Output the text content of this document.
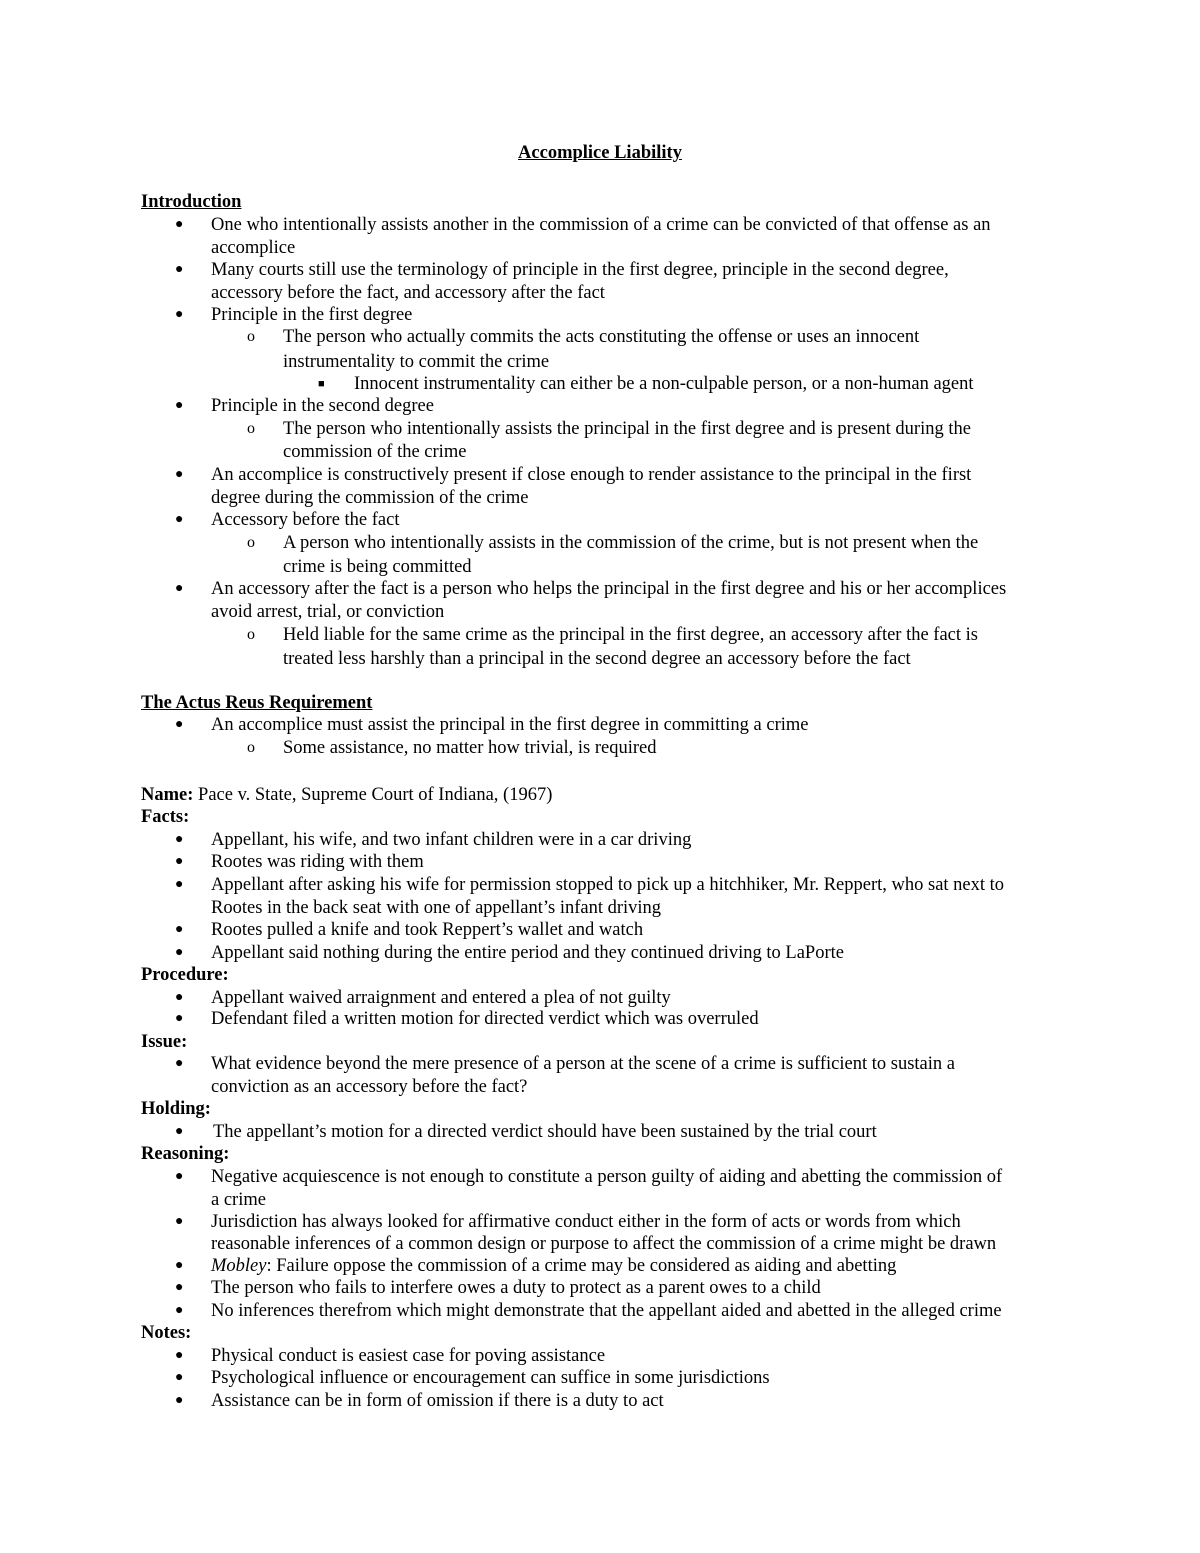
Accomplice Liability
Introduction
● One who intentionally assists another in the commission of a crime can be convicted of that offense as an
accomplice
● Many courts still use the terminology of principle in the first degree, principle in the second degree,
accessory before the fact, and accessory after the fact
● Principle in the first degree
o The person who actually commits the acts constituting the offense or uses an innocent
instrumentality to commit the crime
■ Innocent instrumentality can either be a non-culpable person, or a non-human agent
● Principle in the second degree
o The person who intentionally assists the principal in the first degree and is present during the
commission of the crime
● An accomplice is constructively present if close enough to render assistance to the principal in the first
degree during the commission of the crime
● Accessory before the fact
o A person who intentionally assists in the commission of the crime, but is not present when the
crime is being committed
● An accessory after the fact is a person who helps the principal in the first degree and his or her accomplices
avoid arrest, trial, or conviction
o Held liable for the same crime as the principal in the first degree, an accessory after the fact is
treated less harshly than a principal in the second degree an accessory before the fact
The Actus Reus Requirement
● An accomplice must assist the principal in the first degree in committing a crime
o Some assistance, no matter how trivial, is required
Name: Pace v. State, Supreme Court of Indiana, (1967)
Facts:
● Appellant, his wife, and two infant children were in a car driving
● Rootes was riding with them
● Appellant after asking his wife for permission stopped to pick up a hitchhiker, Mr. Reppert, who sat next to
Rootes in the back seat with one of appellant’s infant driving
● Rootes pulled a knife and took Reppert’s wallet and watch
● Appellant said nothing during the entire period and they continued driving to LaPorte
Procedure:
● Appellant waived arraignment and entered a plea of not guilty
● Defendant filed a written motion for directed verdict which was overruled
Issue:
● What evidence beyond the mere presence of a person at the scene of a crime is sufficient to sustain a
conviction as an accessory before the fact?
Holding:
● The appellant’s motion for a directed verdict should have been sustained by the trial court
Reasoning:
● Negative acquiescence is not enough to constitute a person guilty of aiding and abetting the commission of
a crime
● Jurisdiction has always looked for affirmative conduct either in the form of acts or words from which
reasonable inferences of a common design or purpose to affect the commission of a crime might be drawn
● Mobley: Failure oppose the commission of a crime may be considered as aiding and abetting
● The person who fails to interfere owes a duty to protect as a parent owes to a child
● No inferences therefrom which might demonstrate that the appellant aided and abetted in the alleged crime
Notes:
● Physical conduct is easiest case for poving assistance
● Psychological influence or encouragement can suffice in some jurisdictions
● Assistance can be in form of omission if there is a duty to act
